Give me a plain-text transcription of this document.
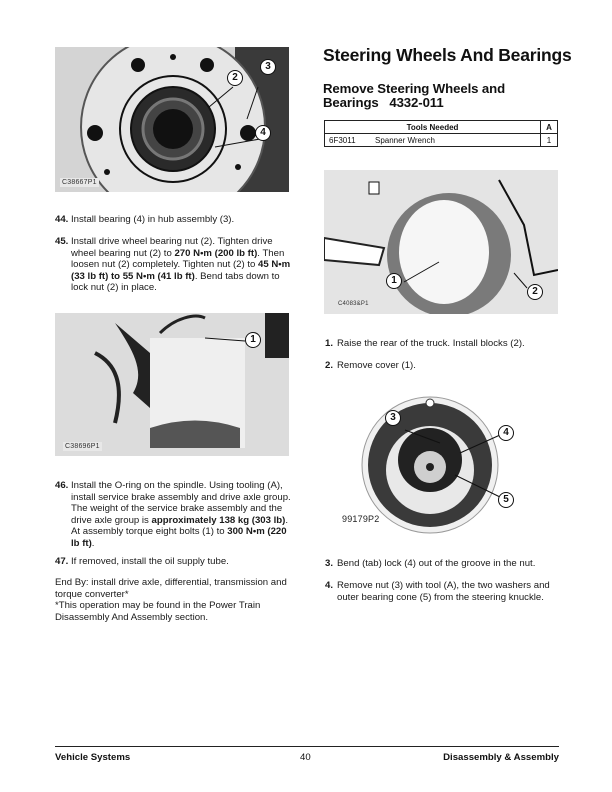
2
3
4
C38667P1
44. Install bearing (4) in hub assembly (3).
45. Install drive wheel bearing nut (2). Tighten drive wheel bearing nut (2) to 270 N•m (200 lb ft). Then loosen nut (2) completely. Tighten nut (2) to 45 N•m (33 lb ft) to 55 N•m (41 lb ft). Bend tabs down to lock nut (2) in place.
1
C38696P1
46. Install the O-ring on the spindle. Using tooling (A), install service brake assembly and drive axle group. The weight of the service brake assembly and the drive axle group is approximately 138 kg (303 lb). At assembly torque eight bolts (1) to 300 N•m (220 lb ft).
47. If removed, install the oil supply tube.
End By: install drive axle, differential, transmission and torque converter*
*This operation may be found in the Power Train Disassembly And Assembly section.
Steering Wheels And Bearings
Remove Steering Wheels and
Bearings 4332-011
Tools Needed		A
6F3011	Spanner Wrench	1
1
2
C4083&P1
1. Raise the rear of the truck. Install blocks (2).
2. Remove cover (1).
3
4
5
99179P2
3. Bend (tab) lock (4) out of the groove in the nut.
4. Remove nut (3) with tool (A), the two washers and outer bearing cone (5) from the steering knuckle.
Vehicle Systems	40	Disassembly & Assembly
